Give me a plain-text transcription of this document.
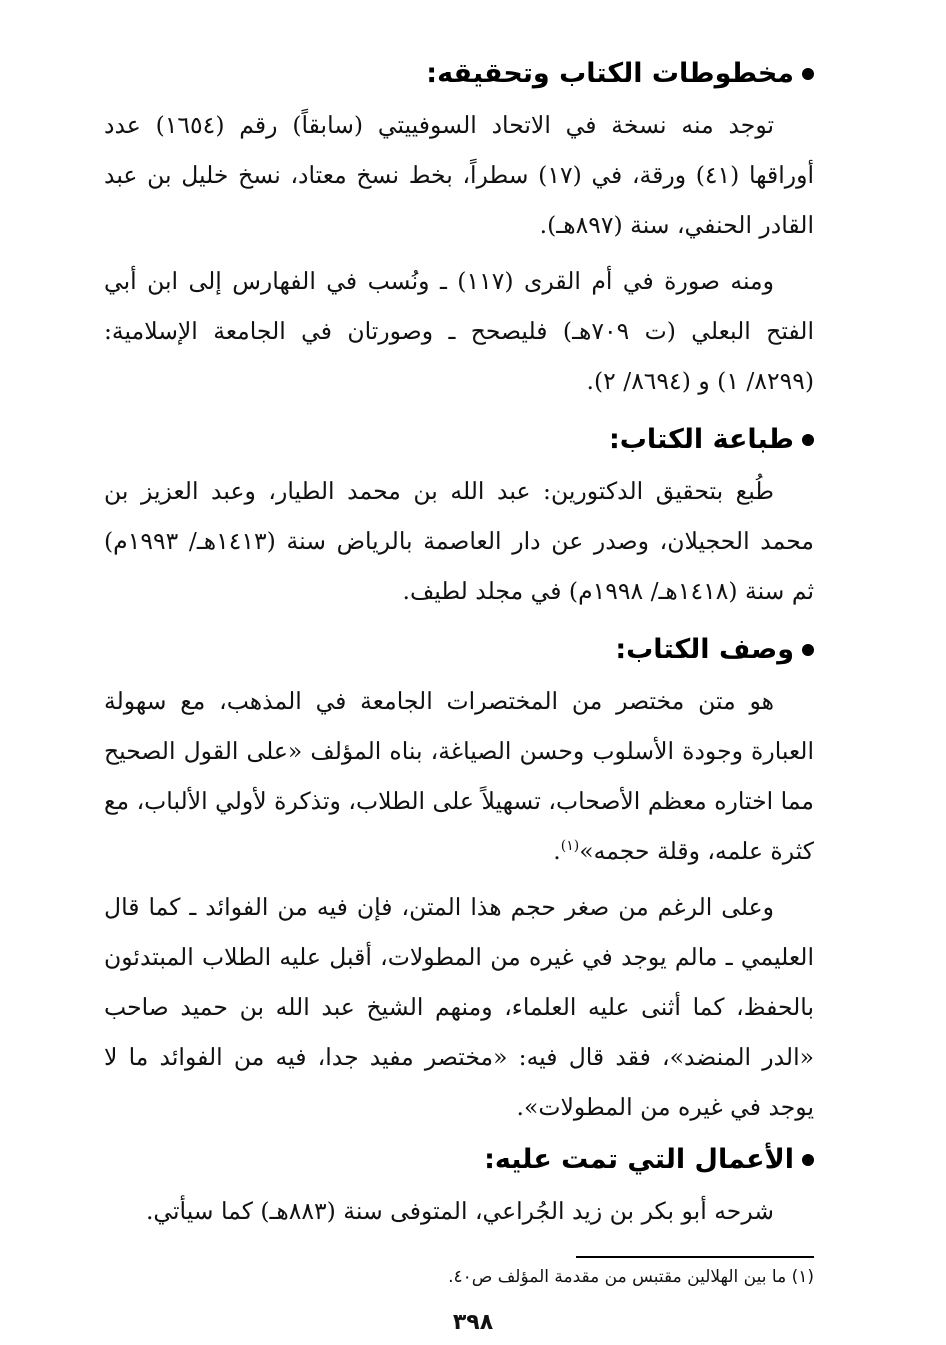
مخطوطات الكتاب وتحقيقه:

توجد منه نسخة في الاتحاد السوفييتي (سابقاً) رقم (١٦٥٤) عدد أوراقها (٤١) ورقة، في (١٧) سطراً، بخط نسخ معتاد، نسخ خليل بن عبد القادر الحنفي، سنة (٨٩٧هـ).

ومنه صورة في أم القرى (١١٧) ـ ونُسب في الفهارس إلى ابن أبي الفتح البعلي (ت ٧٠٩هـ) فليصحح ـ وصورتان في الجامعة الإسلامية: (٨٢٩٩/ ١) و (٨٦٩٤/ ٢).

طباعة الكتاب:

طُبع بتحقيق الدكتورين: عبد الله بن محمد الطيار، وعبد العزيز بن محمد الحجيلان، وصدر عن دار العاصمة بالرياض سنة (١٤١٣هـ/ ١٩٩٣م) ثم سنة (١٤١٨هـ/ ١٩٩٨م) في مجلد لطيف.

وصف الكتاب:

هو متن مختصر من المختصرات الجامعة في المذهب، مع سهولة العبارة وجودة الأسلوب وحسن الصياغة، بناه المؤلف «على القول الصحيح مما اختاره معظم الأصحاب، تسهيلاً على الطلاب، وتذكرة لأولي الألباب، مع كثرة علمه، وقلة حجمه»$^{(١)}$.

وعلى الرغم من صغر حجم هذا المتن، فإن فيه من الفوائد ـ كما قال العليمي ـ مالم يوجد في غيره من المطولات، أقبل عليه الطلاب المبتدئون بالحفظ، كما أثنى عليه العلماء، ومنهم الشيخ عبد الله بن حميد صاحب «الدر المنضد»، فقد قال فيه: «مختصر مفيد جدا، فيه من الفوائد ما لا يوجد في غيره من المطولات».

الأعمال التي تمت عليه:

شرحه أبو بكر بن زيد الجُراعي، المتوفى سنة (٨٨٣هـ) كما سيأتي.

(١) ما بين الهلالين مقتبس من مقدمة المؤلف ص٤٠.
٣٩٨
